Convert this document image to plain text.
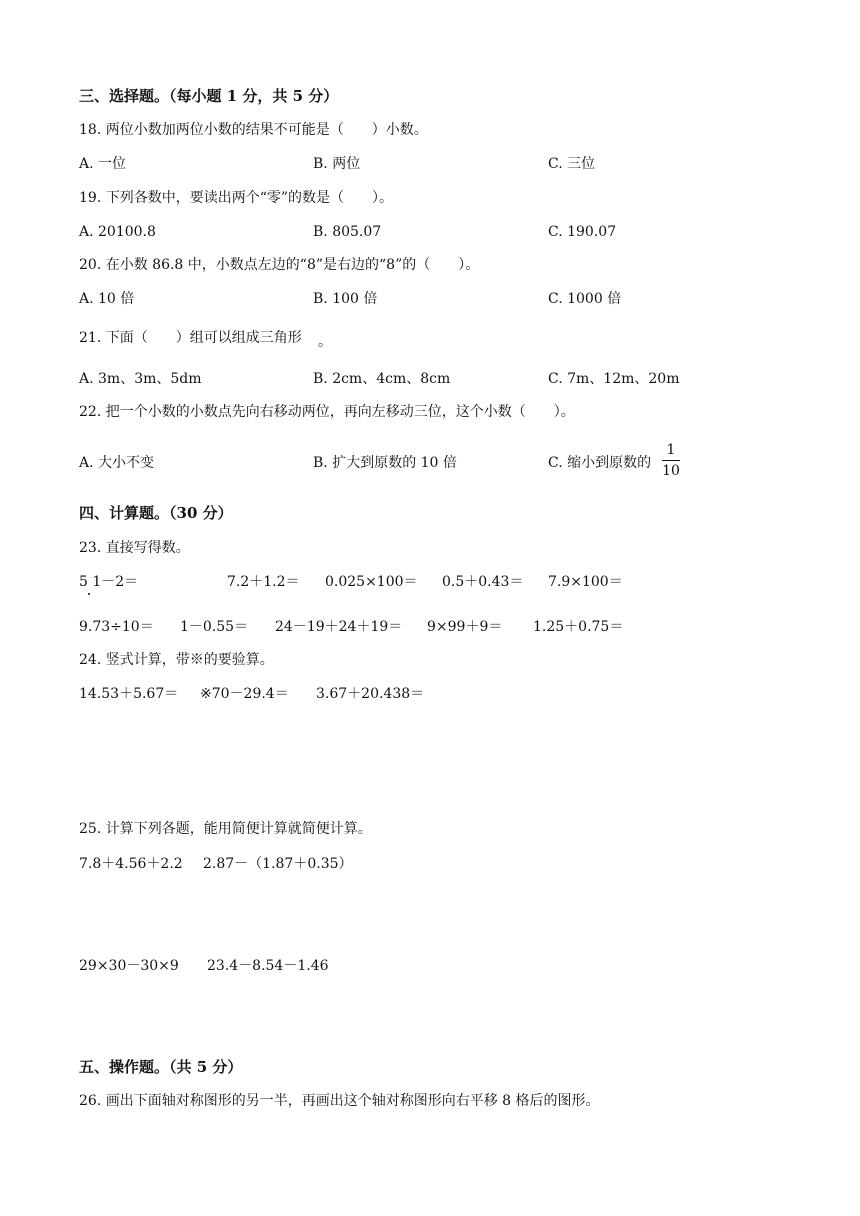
三、选择题。（每小题 1 分，共 5 分）
18. 两位小数加两位小数的结果不可能是（　　）小数。
A. 一位	B. 两位	C. 三位
19. 下列各数中，要读出两个“零”的数是（　　）。
A. 20100.8	B. 805.07	C. 190.07
20. 在小数 86.8 中，小数点左边的“8”是右边的“8”的（　　）。
A. 10 倍	B. 100 倍	C. 1000 倍
21. 下面（　　）组可以组成三角形 。
A. 3m、3m、5dm	B. 2cm、4cm、8cm	C. 7m、12m、20m
22. 把一个小数的小数点先向右移动两位，再向左移动三位，这个小数（　　）。
A. 大小不变	B. 扩大到原数的 10 倍	C. 缩小到原数的
1
10
四、计算题。（30 分）
23. 直接写得数。
5 1－2＝	7.2＋1.2＝ 0.025×100＝ 0.5＋0.43＝ 7.9×100＝
9.73÷10＝ 1－0.55＝ 24－19＋24＋19＝ 9×99＋9＝ 1.25＋0.75＝
24. 竖式计算，带※的要验算。
14.53＋5.67＝ ※70－29.4＝ 3.67＋20.438＝
25. 计算下列各题，能用简便计算就简便计算。
7.8＋4.56＋2.2 2.87－（1.87＋0.35）
29×30－30×9 23.4－8.54－1.46
五、操作题。（共 5 分）
26. 画出下面轴对称图形的另一半，再画出这个轴对称图形向右平移 8 格后的图形。
